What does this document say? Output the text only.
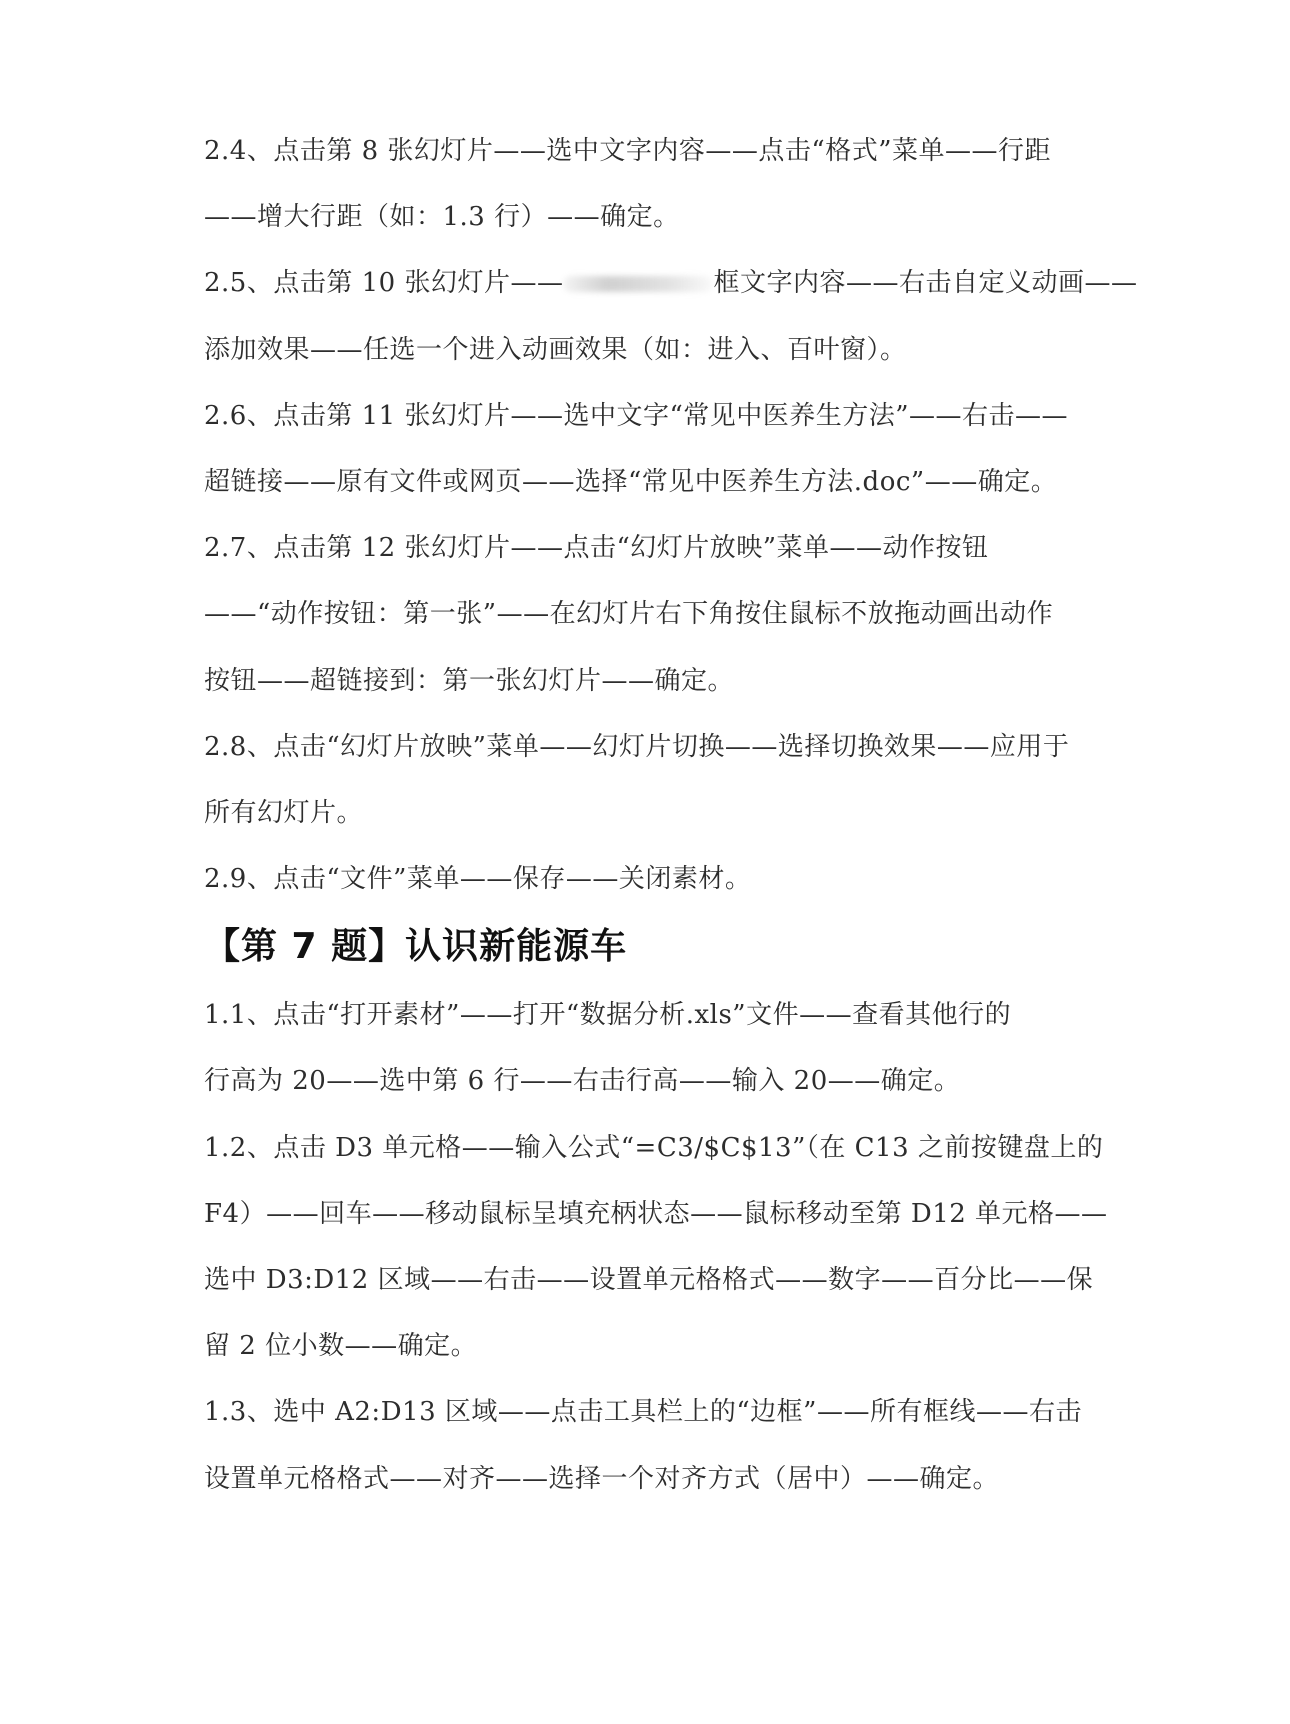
2.4、点击第 8 张幻灯片——选中文字内容——点击“格式”菜单——行距
——增大行距（如：1.3 行）——确定。
2.5、点击第 10 张幻灯片——	框文字内容——右击自定义动画——
添加效果——任选一个进入动画效果（如：进入、百叶窗）。
2.6、点击第 11 张幻灯片——选中文字“常见中医养生方法”——右击——
超链接——原有文件或网页——选择“常见中医养生方法.doc”——确定。
2.7、点击第 12 张幻灯片——点击“幻灯片放映”菜单——动作按钮
——“动作按钮：第一张”——在幻灯片右下角按住鼠标不放拖动画出动作
按钮——超链接到：第一张幻灯片——确定。
2.8、点击“幻灯片放映”菜单——幻灯片切换——选择切换效果——应用于
所有幻灯片。
2.9、点击“文件”菜单——保存——关闭素材。
【第 7 题】认识新能源车
1.1、点击“打开素材”——打开“数据分析.xls”文件——查看其他行的
行高为 20——选中第 6 行——右击行高——输入 20——确定。
1.2、点击 D3 单元格——输入公式“=C3/$C$13”（在 C13 之前按键盘上的
F4）——回车——移动鼠标呈填充柄状态——鼠标移动至第 D12 单元格——
选中 D3:D12 区域——右击——设置单元格格式——数字——百分比——保
留 2 位小数——确定。
1.3、选中 A2:D13 区域——点击工具栏上的“边框”——所有框线——右击
设置单元格格式——对齐——选择一个对齐方式（居中）——确定。
